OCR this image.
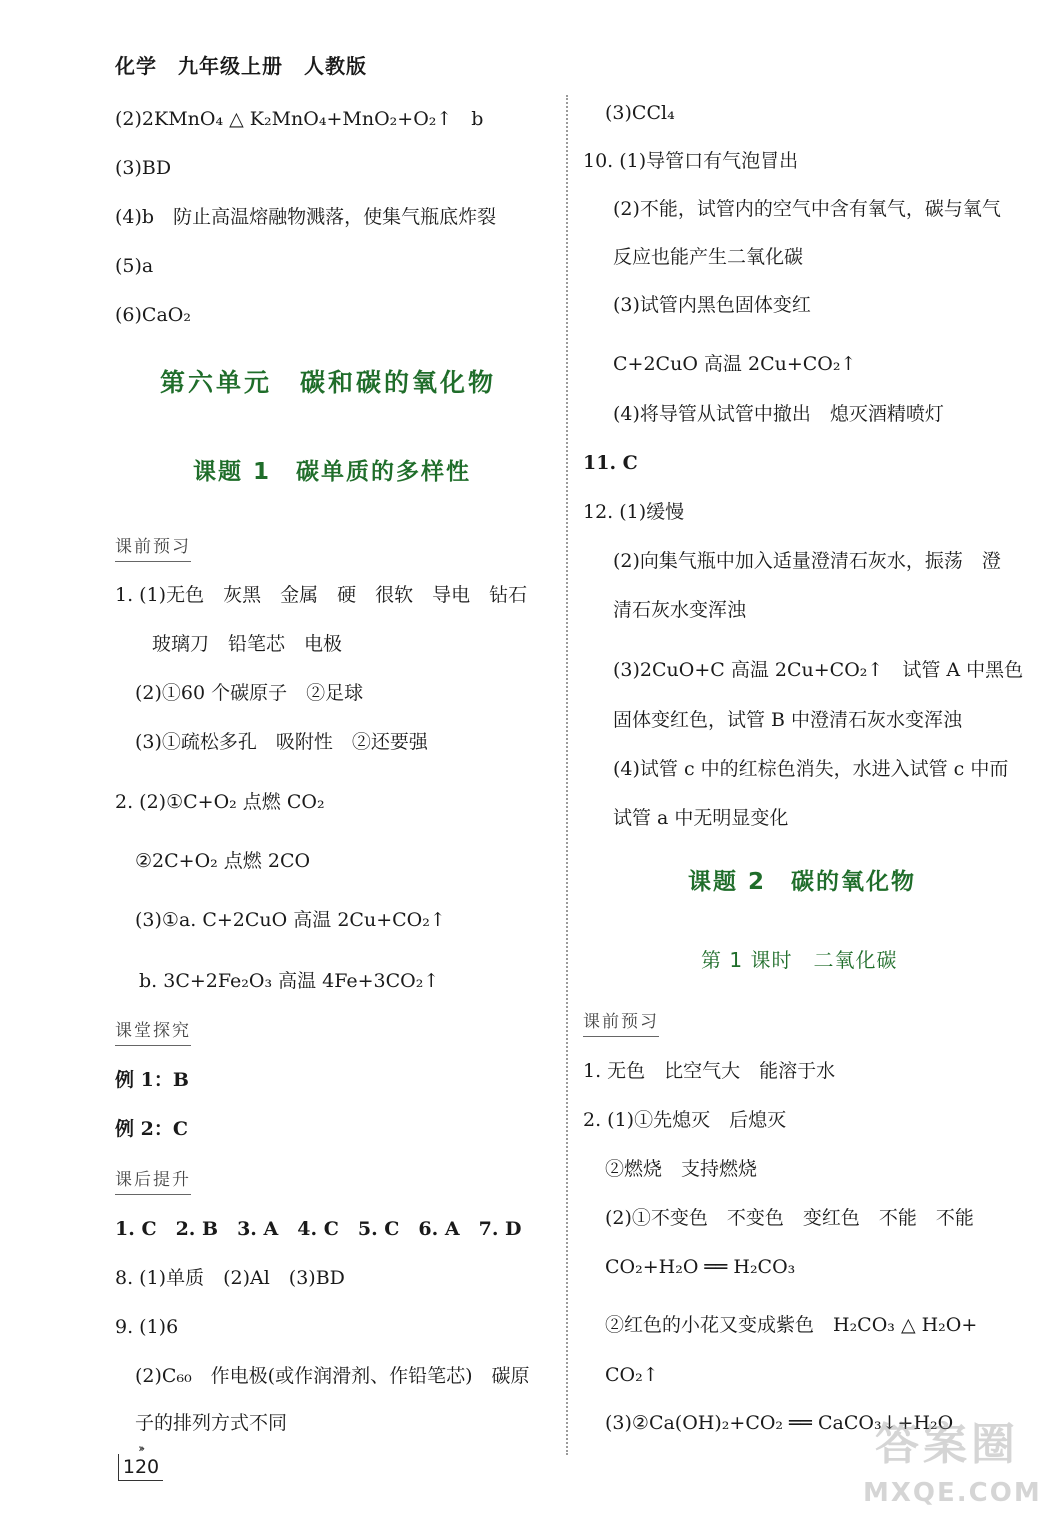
化学　九年级上册　人教版
(2)2KMnO₄ △ K₂MnO₄+MnO₂+O₂↑　b
(3)BD
(4)b　防止高温熔融物溅落，使集气瓶底炸裂
(5)a
(6)CaO₂
第六单元　碳和碳的氧化物
课题 1　碳单质的多样性
课前预习
1. (1)无色　灰黑　金属　硬　很软　导电　钻石
　玻璃刀　铅笔芯　电极
(2)①60 个碳原子　②足球
(3)①疏松多孔　吸附性　②还要强
2. (2)①C+O₂ 点燃 CO₂
②2C+O₂ 点燃 2CO
(3)①a. C+2CuO 高温 2Cu+CO₂↑
b. 3C+2Fe₂O₃ 高温 4Fe+3CO₂↑
课堂探究
例 1：B
例 2：C
课后提升
1. C　2. B　3. A　4. C　5. C　6. A　7. D
8. (1)单质　(2)Al　(3)BD
9. (1)6
(2)C₆₀　作电极(或作润滑剂、作铅笔芯)　碳原
子的排列方式不同
(3)CCl₄
10. (1)导管口有气泡冒出
(2)不能，试管内的空气中含有氧气，碳与氧气
反应也能产生二氧化碳
(3)试管内黑色固体变红
C+2CuO 高温 2Cu+CO₂↑
(4)将导管从试管中撤出　熄灭酒精喷灯
11. C
12. (1)缓慢
(2)向集气瓶中加入适量澄清石灰水，振荡　澄
清石灰水变浑浊
(3)2CuO+C 高温 2Cu+CO₂↑　试管 A 中黑色
固体变红色，试管 B 中澄清石灰水变浑浊
(4)试管 c 中的红棕色消失，水进入试管 c 中而
试管 a 中无明显变化
课题 2　碳的氧化物
第 1 课时　二氧化碳
课前预习
1. 无色　比空气大　能溶于水
2. (1)①先熄灭　后熄灭
②燃烧　支持燃烧
(2)①不变色　不变色　变红色　不能　不能
CO₂+H₂O ══ H₂CO₃
②红色的小花又变成紫色　H₂CO₃ △ H₂O+
CO₂↑
(3)②Ca(OH)₂+CO₂ ══ CaCO₃↓+H₂O
›››
120	答案圈
MXQE.COM
